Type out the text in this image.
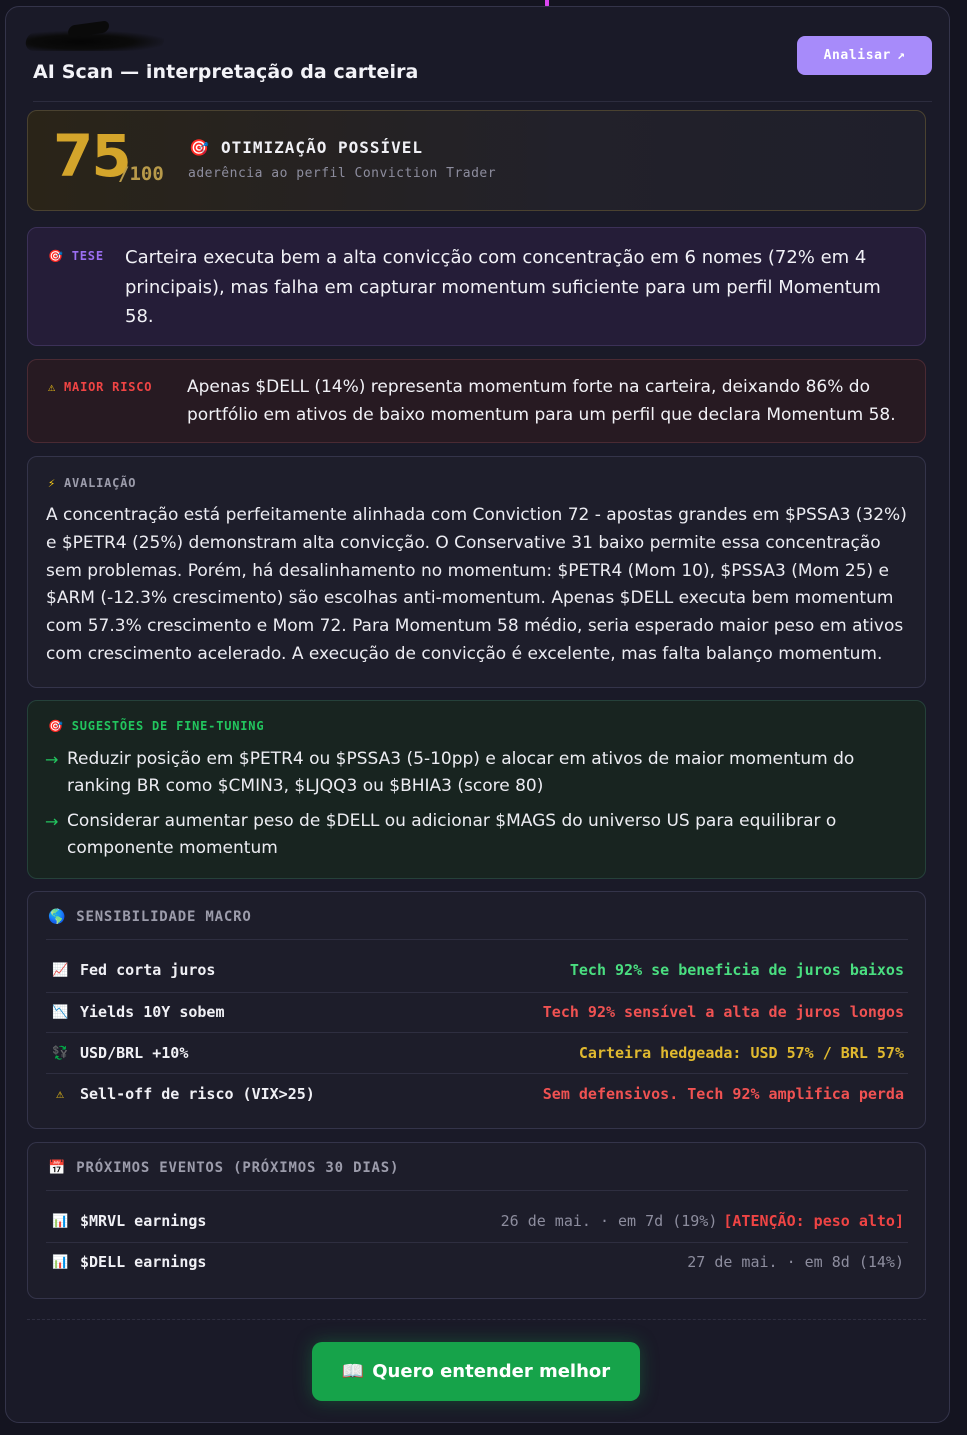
AI Scan — interpretação da carteira
Analisar ↗
75
/100
🎯 OTIMIZAÇÃO POSSÍVEL
aderência ao perfil Conviction Trader
🎯 TESE Carteira executa bem a alta convicção com concentração em 6 nomes (72% em 4 principais), mas falha em capturar momentum suficiente para um perfil Momentum 58.
⚠ MAIOR RISCO Apenas $DELL (14%) representa momentum forte na carteira, deixando 86% do portfólio em ativos de baixo momentum para um perfil que declara Momentum 58.
⚡ AVALIAÇÃO
A concentração está perfeitamente alinhada com Conviction 72 - apostas grandes em $PSSA3 (32%) e $PETR4 (25%) demonstram alta convicção. O Conservative 31 baixo permite essa concentração sem problemas. Porém, há desalinhamento no momentum: $PETR4 (Mom 10), $PSSA3 (Mom 25) e $ARM (-12.3% crescimento) são escolhas anti-momentum. Apenas $DELL executa bem momentum com 57.3% crescimento e Mom 72. Para Momentum 58 médio, seria esperado maior peso em ativos com crescimento acelerado. A execução de convicção é excelente, mas falta balanço momentum.
🎯 SUGESTÕES DE FINE-TUNING
→ Reduzir posição em $PETR4 ou $PSSA3 (5-10pp) e alocar em ativos de maior momentum do ranking BR como $CMIN3, $LJQQ3 ou $BHIA3 (score 80)
→ Considerar aumentar peso de $DELL ou adicionar $MAGS do universo US para equilibrar o componente momentum
🌎 SENSIBILIDADE MACRO
📈 Fed corta juros	Tech 92% se beneficia de juros baixos
📉 Yields 10Y sobem	Tech 92% sensível a alta de juros longos
💱 USD/BRL +10%	Carteira hedgeada: USD 57% / BRL 57%
⚠ Sell-off de risco (VIX>25)	Sem defensivos. Tech 92% amplifica perda
📅 PRÓXIMOS EVENTOS (PRÓXIMOS 30 DIAS)
📊 $MRVL earnings	26 de mai. · em 7d (19%) [ATENÇÃO: peso alto]
📊 $DELL earnings	27 de mai. · em 8d (14%)
📖 Quero entender melhor
